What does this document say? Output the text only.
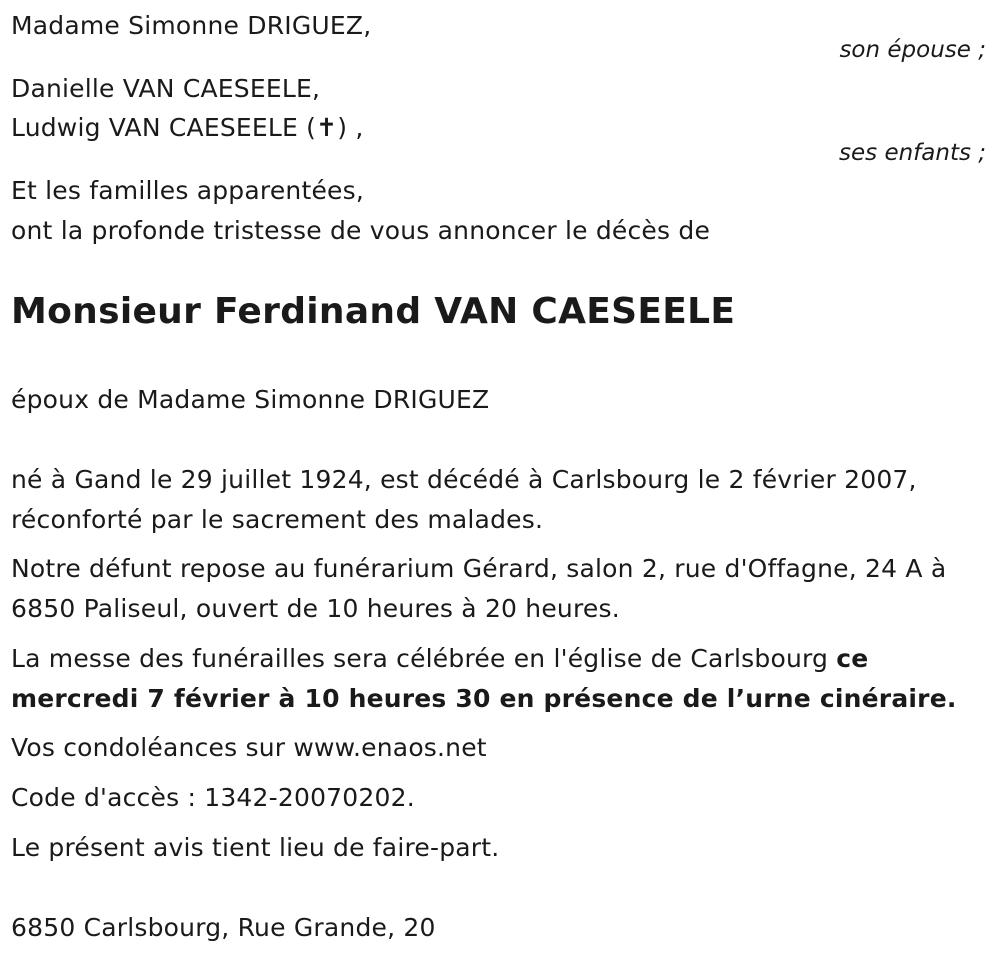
Madame Simonne DRIGUEZ,
son épouse ;
Danielle VAN CAESEELE,
Ludwig VAN CAESEELE (✝) ,
ses enfants ;
Et les familles apparentées,
ont la profonde tristesse de vous annoncer le décès de
Monsieur Ferdinand VAN CAESEELE
époux de Madame Simonne DRIGUEZ
né à Gand le 29 juillet 1924, est décédé à Carlsbourg le 2 février 2007,
réconforté par le sacrement des malades.
Notre défunt repose au funérarium Gérard, salon 2, rue d'Offagne, 24 A à
6850 Paliseul, ouvert de 10 heures à 20 heures.
La messe des funérailles sera célébrée en l'église de Carlsbourg ce
mercredi 7 février à 10 heures 30 en présence de l’urne cinéraire.
Vos condoléances sur www.enaos.net
Code d'accès : 1342-20070202.
Le présent avis tient lieu de faire-part.
6850 Carlsbourg, Rue Grande, 20
